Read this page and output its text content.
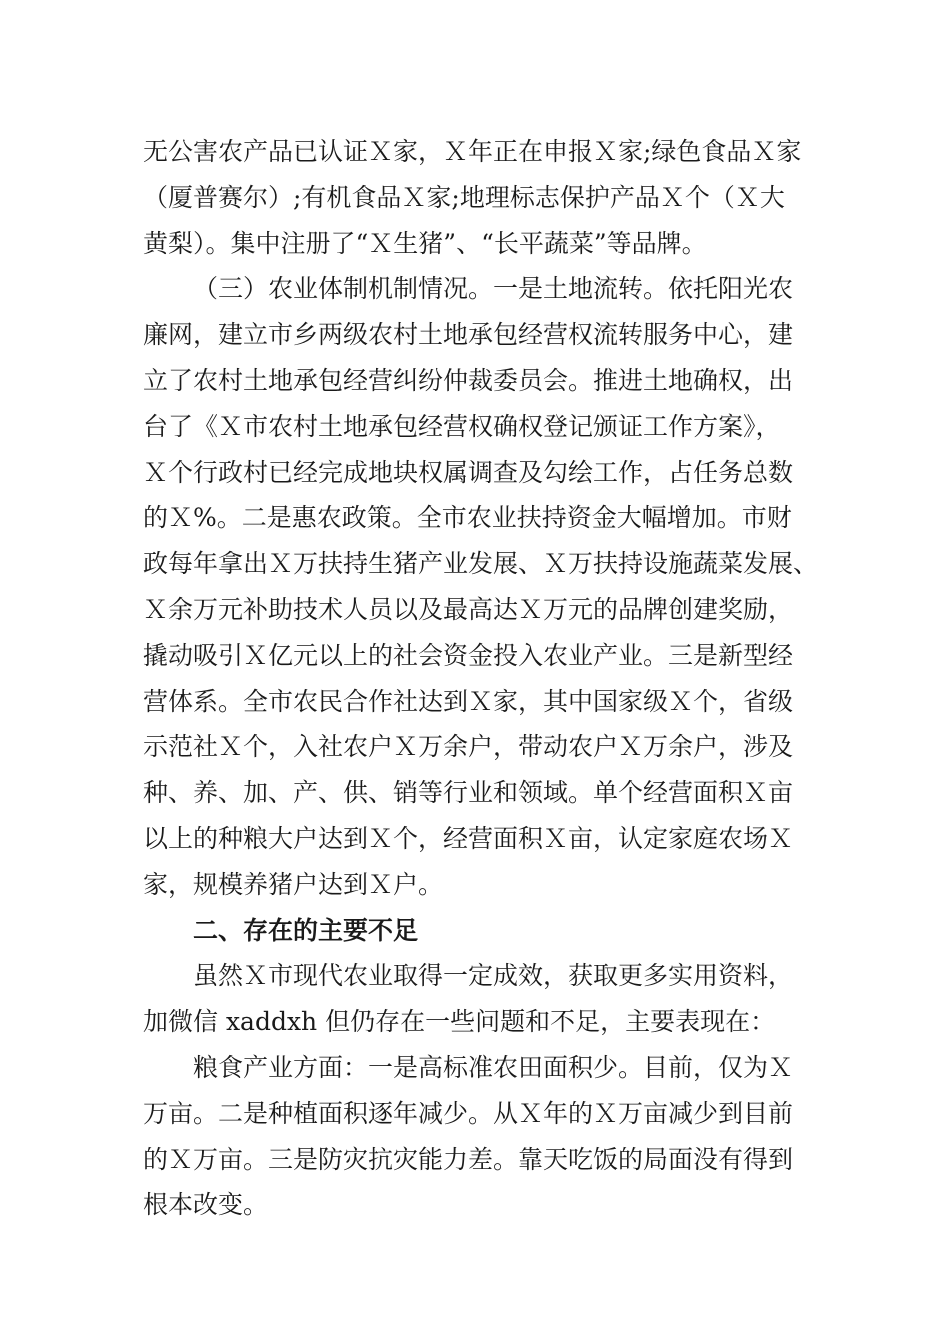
无公害农产品已认证Ｘ家，Ｘ年正在申报Ｘ家;绿色食品Ｘ家
（厦普赛尔）;有机食品Ｘ家;地理标志保护产品Ｘ个（Ｘ大
黄梨）。集中注册了“Ｘ生猪”、“长平蔬菜”等品牌。
（三）农业体制机制情况。一是土地流转。依托阳光农
廉网，建立市乡两级农村土地承包经营权流转服务中心，建
立了农村土地承包经营纠纷仲裁委员会。推进土地确权，出
台了《Ｘ市农村土地承包经营权确权登记颁证工作方案》，
Ｘ个行政村已经完成地块权属调查及勾绘工作，占任务总数
的Ｘ%。二是惠农政策。全市农业扶持资金大幅增加。市财
政每年拿出Ｘ万扶持生猪产业发展、Ｘ万扶持设施蔬菜发展、
Ｘ余万元补助技术人员以及最高达Ｘ万元的品牌创建奖励，
撬动吸引Ｘ亿元以上的社会资金投入农业产业。三是新型经
营体系。全市农民合作社达到Ｘ家，其中国家级Ｘ个，省级
示范社Ｘ个，入社农户Ｘ万余户，带动农户Ｘ万余户，涉及
种、养、加、产、供、销等行业和领域。单个经营面积Ｘ亩
以上的种粮大户达到Ｘ个，经营面积Ｘ亩，认定家庭农场Ｘ
家，规模养猪户达到Ｘ户。
二、存在的主要不足
虽然Ｘ市现代农业取得一定成效，获取更多实用资料，
加微信 xaddxh 但仍存在一些问题和不足，主要表现在：
粮食产业方面：一是高标准农田面积少。目前，仅为Ｘ
万亩。二是种植面积逐年减少。从Ｘ年的Ｘ万亩减少到目前
的Ｘ万亩。三是防灾抗灾能力差。靠天吃饭的局面没有得到
根本改变。
